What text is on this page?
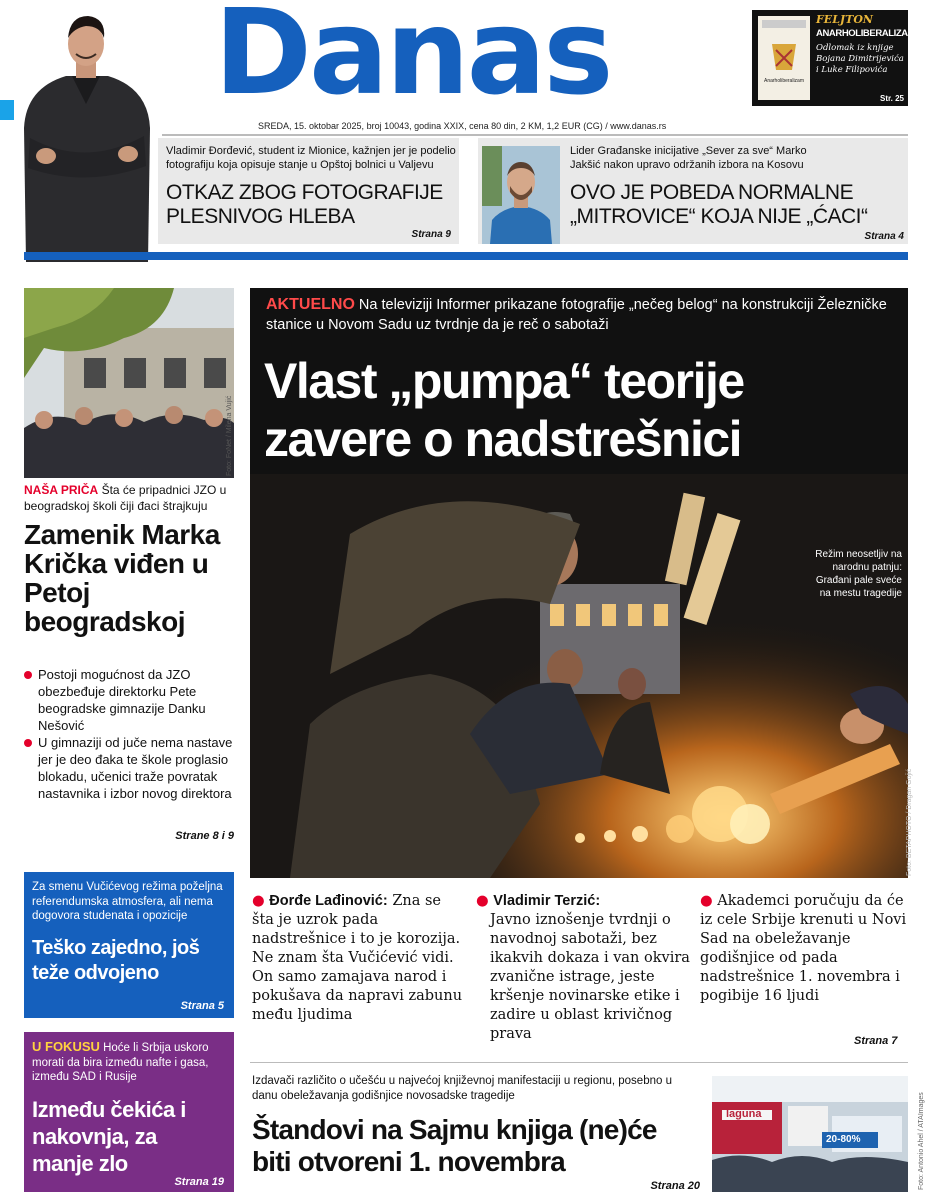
Danas	Anarholiberalizam
FELJTON
ANARHOLIBERALIZAM
Odlomak iz knjige Bojana Dimitrijevića i Luke Filipovića
Str. 25
SREDA, 15. oktobar 2025, broj 10043, godina XXIX, cena 80 din, 2 KM, 1,2 EUR (CG) / www.danas.rs
Vladimir Đorđević, student iz Mionice, kažnjen jer je podelio fotografiju koja opisuje stanje u Opštoj bolnici u Valjevu
OTKAZ ZBOG FOTOGRAFIJE PLESNIVOG HLEBA
Strana 9
Lider Građanske inicijative „Sever za sve“ Marko Jakšić nakon upravo održanih izbora na Kosovu
OVO JE POBEDA NORMALNE „MITROVICE“ KOJA NIJE „ĆACI“
Strana 4
NAŠA PRIČA Šta će pripadnici JZO u beogradskoj školi čiji đaci štrajkuju
Zamenik Marka Krička viđen u Petoj beogradskoj
Postoji mogućnost da JZO obezbeđuje direktorku Pete beogradske gimnazije Danku Nešović
U gimnaziji od juče nema nastave jer je deo đaka te škole proglasio blokadu, učenici traže povratak nastavnika i izbor novog direktora
Strane 8 i 9
AKTUELNO Na televiziji Informer prikazane fotografije „nečeg belog“ na konstrukciji Železničke stanice u Novom Sadu uz tvrdnje da je reč o sabotaži
Vlast „pumpa“ teorije zavere o nadstrešnici
Režim neosetljiv na narodnu patnju: Građani pale sveće na mestu tragedije
Foto: BETAPHOTO / Dragan Gojić
● Đorđe Lađinović: Zna se šta je uzrok pada nadstrešnice i to je korozija. Ne znam šta Vučićević vidi. On samo zamajava narod i pokušava da napravi zabunu među ljudima
● Vladimir Terzić:
Javno iznošenje tvrdnji o navodnoj sabotaži, bez ikakvih dokaza i van okvira zvanične istrage, jeste kršenje novinarske etike i zadire u oblast krivičnog prava
● Akademci poručuju da će iz cele Srbije krenuti u Novi Sad na obeležavanje godišnjice od pada nadstrešnice 1. novembra i pogibije 16 ljudi
Strana 7
Za smenu Vučićevog režima poželjna referendumska atmosfera, ali nema dogovora studenata i opozicije
Teško zajedno, još teže odvojeno
Strana 5
U FOKUSU Hoće li Srbija uskoro morati da bira između nafte i gasa, između SAD i Rusije
Između čekića i nakovnja, za manje zlo
Strana 19
Izdavači različito o učešću u najvećoj književnoj manifestaciji u regionu, posebno u danu obeležavanja godišnjice novosadske tragedije
Štandovi na Sajmu knjiga (ne)će biti otvoreni 1. novembra
Strana 20
laguna
20-80%	Foto: Antonio Ahel / ATAImages
